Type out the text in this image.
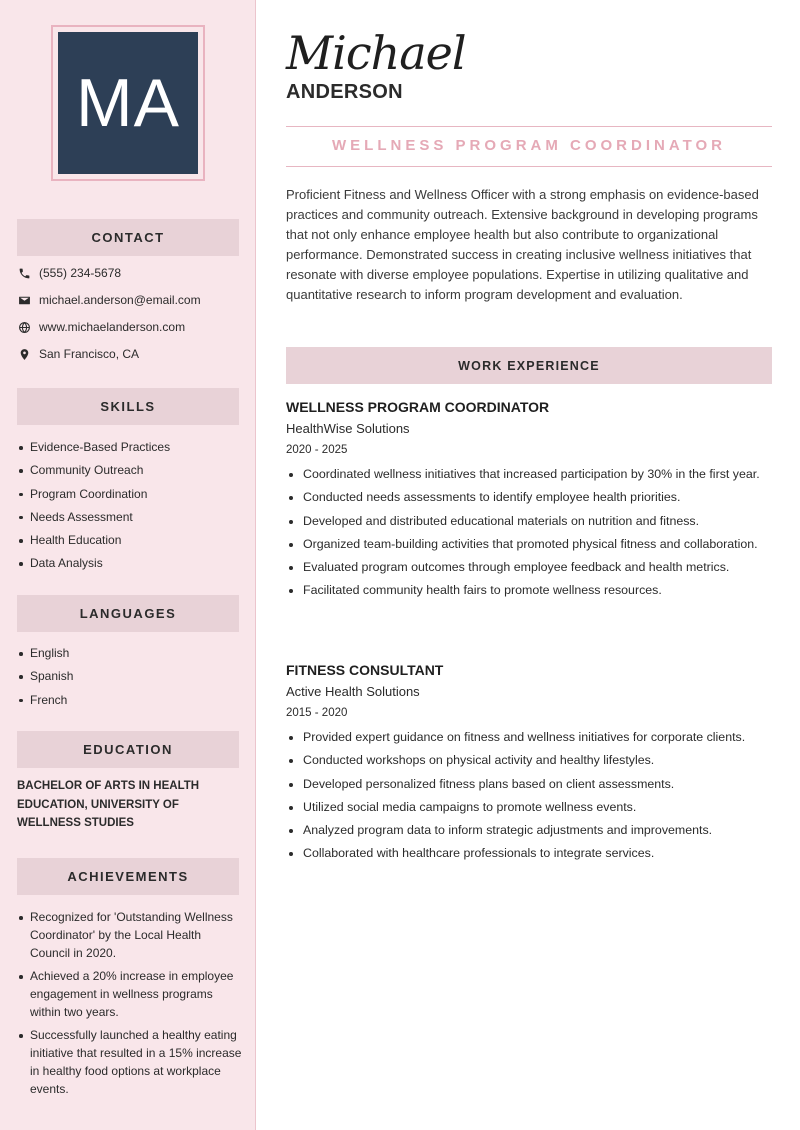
MA
CONTACT
(555) 234-5678
michael.anderson@email.com
www.michaelanderson.com
San Francisco, CA
SKILLS
Evidence-Based Practices
Community Outreach
Program Coordination
Needs Assessment
Health Education
Data Analysis
LANGUAGES
English
Spanish
French
EDUCATION
BACHELOR OF ARTS IN HEALTH EDUCATION, UNIVERSITY OF WELLNESS STUDIES
ACHIEVEMENTS
Recognized for 'Outstanding Wellness Coordinator' by the Local Health Council in 2020.
Achieved a 20% increase in employee engagement in wellness programs within two years.
Successfully launched a healthy eating initiative that resulted in a 15% increase in healthy food options at workplace events.
Michael
ANDERSON
WELLNESS PROGRAM COORDINATOR
Proficient Fitness and Wellness Officer with a strong emphasis on evidence-based practices and community outreach. Extensive background in developing programs that not only enhance employee health but also contribute to organizational performance. Demonstrated success in creating inclusive wellness initiatives that resonate with diverse employee populations. Expertise in utilizing qualitative and quantitative research to inform program development and evaluation.
WORK EXPERIENCE
WELLNESS PROGRAM COORDINATOR
HealthWise Solutions
2020 - 2025
Coordinated wellness initiatives that increased participation by 30% in the first year.
Conducted needs assessments to identify employee health priorities.
Developed and distributed educational materials on nutrition and fitness.
Organized team-building activities that promoted physical fitness and collaboration.
Evaluated program outcomes through employee feedback and health metrics.
Facilitated community health fairs to promote wellness resources.
FITNESS CONSULTANT
Active Health Solutions
2015 - 2020
Provided expert guidance on fitness and wellness initiatives for corporate clients.
Conducted workshops on physical activity and healthy lifestyles.
Developed personalized fitness plans based on client assessments.
Utilized social media campaigns to promote wellness events.
Analyzed program data to inform strategic adjustments and improvements.
Collaborated with healthcare professionals to integrate services.
